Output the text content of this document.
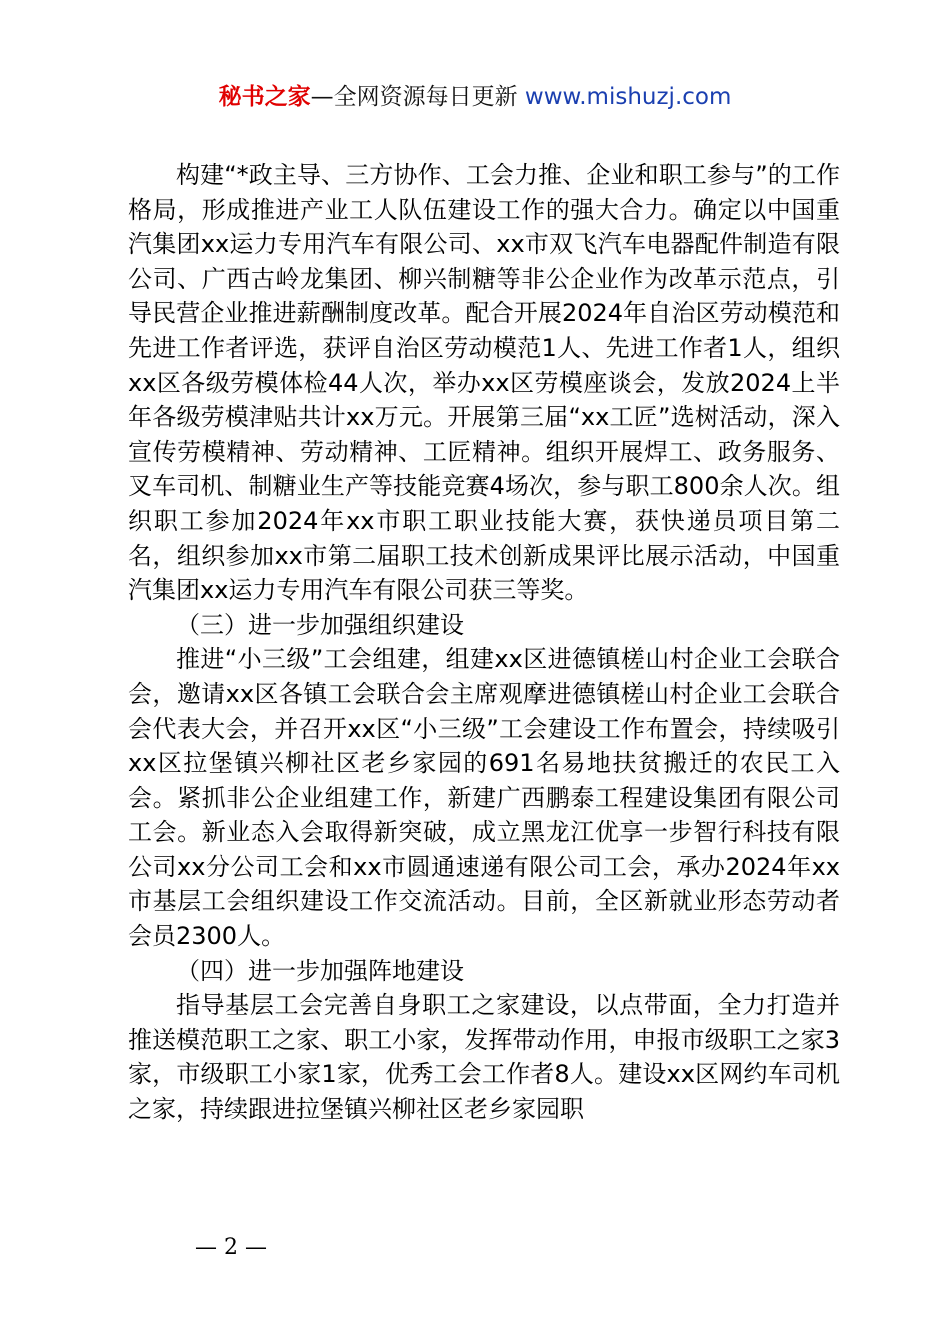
秘书之家—全网资源每日更新 www.mishuzj.com

构建“*政主导、三方协作、工会力推、企业和职工参与”的工作格局，形成推进产业工人队伍建设工作的强大合力。确定以中国重汽集团xx运力专用汽车有限公司、xx市双飞汽车电器配件制造有限公司、广西古岭龙集团、柳兴制糖等非公企业作为改革示范点，引导民营企业推进薪酬制度改革。配合开展2024年自治区劳动模范和先进工作者评选，获评自治区劳动模范1人、先进工作者1人，组织xx区各级劳模体检44人次，举办xx区劳模座谈会，发放2024上半年各级劳模津贴共计xx万元。开展第三届“xx工匠”选树活动，深入宣传劳模精神、劳动精神、工匠精神。组织开展焊工、政务服务、叉车司机、制糖业生产等技能竞赛4场次，参与职工800余人次。组织职工参加2024年xx市职工职业技能大赛，获快递员项目第二名，组织参加xx市第二届职工技术创新成果评比展示活动，中国重汽集团xx运力专用汽车有限公司获三等奖。

（三）进一步加强组织建设

推进“小三级”工会组建，组建xx区进德镇槎山村企业工会联合会，邀请xx区各镇工会联合会主席观摩进德镇槎山村企业工会联合会代表大会，并召开xx区“小三级”工会建设工作布置会，持续吸引xx区拉堡镇兴柳社区老乡家园的691名易地扶贫搬迁的农民工入会。紧抓非公企业组建工作，新建广西鹏泰工程建设集团有限公司工会。新业态入会取得新突破，成立黑龙江优享一步智行科技有限公司xx分公司工会和xx市圆通速递有限公司工会，承办2024年xx市基层工会组织建设工作交流活动。目前，全区新就业形态劳动者会员2300人。

（四）进一步加强阵地建设

指导基层工会完善自身职工之家建设，以点带面，全力打造并推送模范职工之家、职工小家，发挥带动作用，申报市级职工之家3家，市级职工小家1家，优秀工会工作者8人。建设xx区网约车司机之家，持续跟进拉堡镇兴柳社区老乡家园职

— 2 —
